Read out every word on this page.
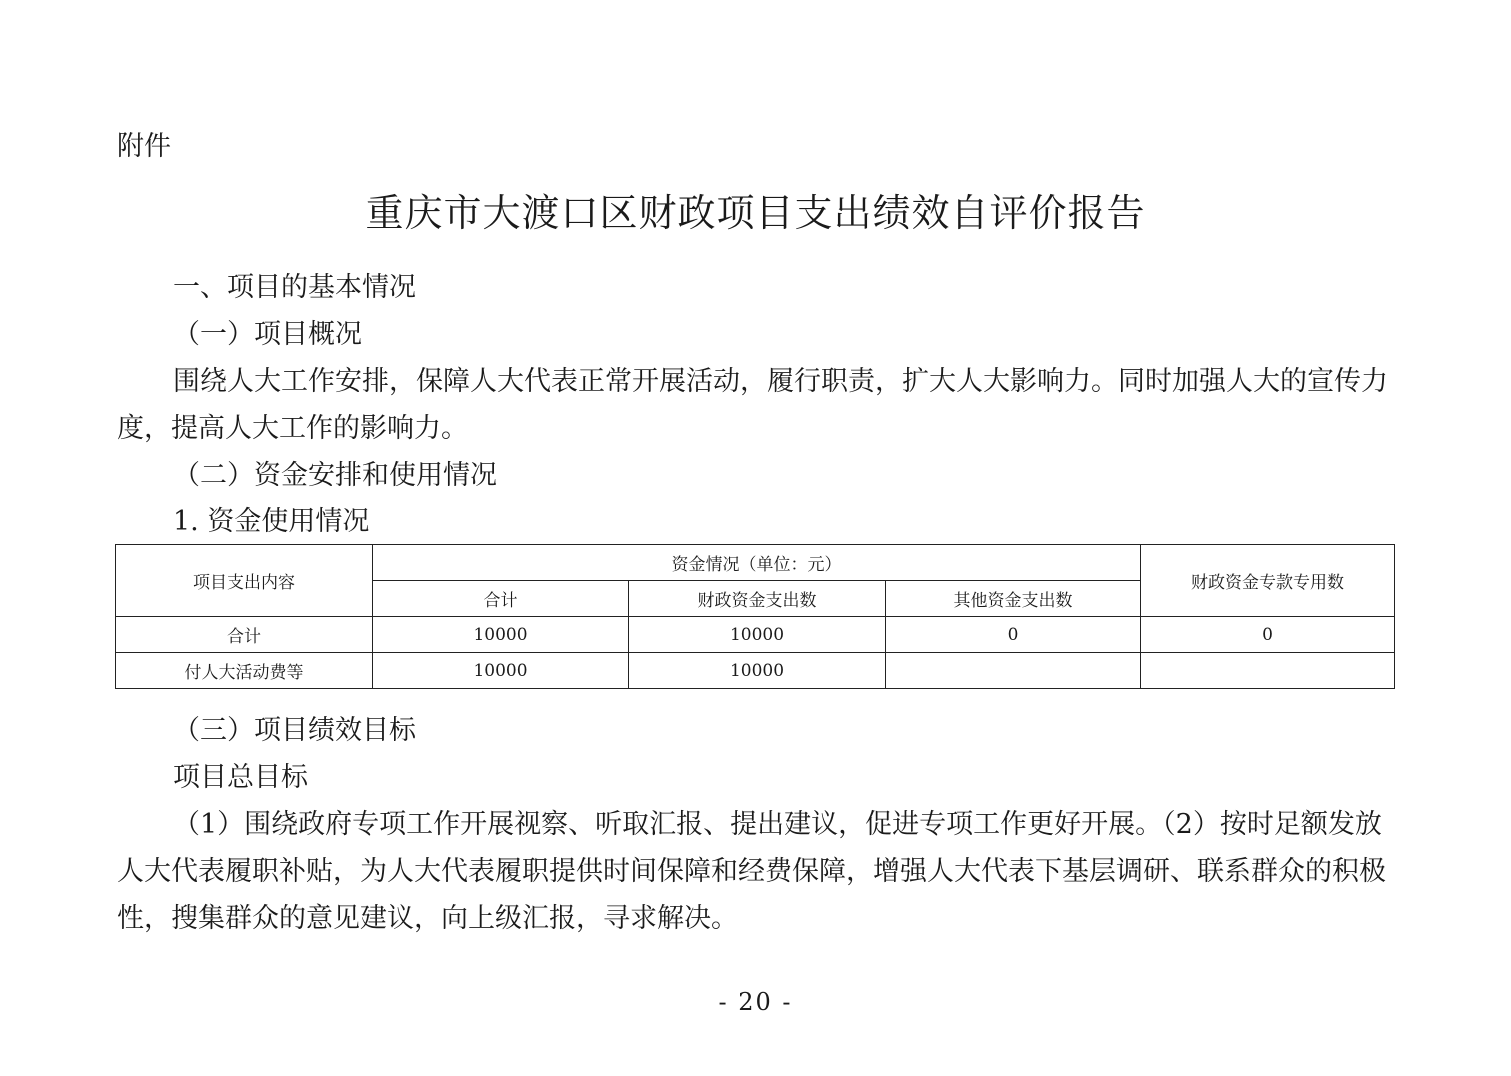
附件
重庆市大渡口区财政项目支出绩效自评价报告
一、项目的基本情况
（一）项目概况
围绕人大工作安排，保障人大代表正常开展活动，履行职责，扩大人大影响力。同时加强人大的宣传力度，提高人大工作的影响力。
（二）资金安排和使用情况
1. 资金使用情况
项目支出内容	资金情况（单位：元）			财政资金专款专用数
	合计	财政资金支出数	其他资金支出数	
合计	10000	10000	0	0
付人大活动费等	10000	10000		
（三）项目绩效目标
项目总目标
（1）围绕政府专项工作开展视察、听取汇报、提出建议，促进专项工作更好开展。（2）按时足额发放人大代表履职补贴，为人大代表履职提供时间保障和经费保障，增强人大代表下基层调研、联系群众的积极性，搜集群众的意见建议，向上级汇报，寻求解决。
- 20 -
